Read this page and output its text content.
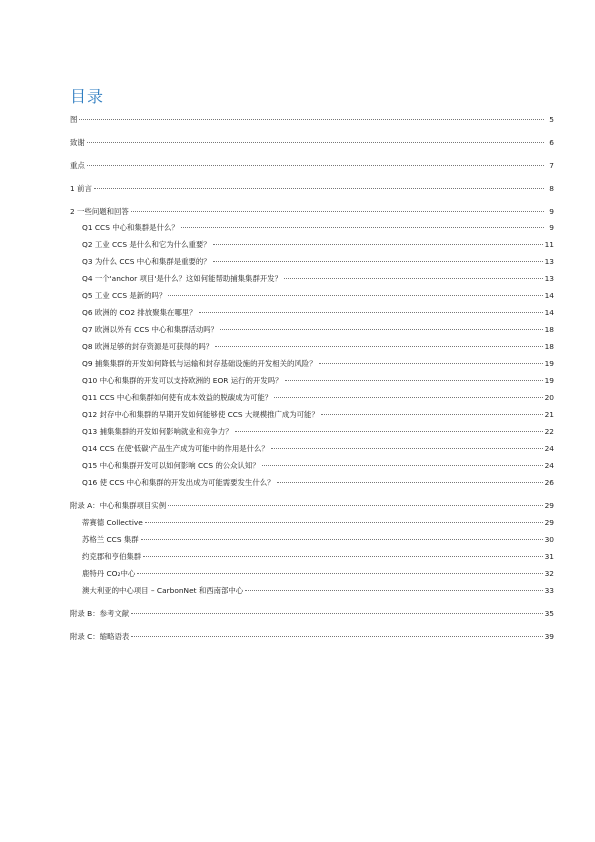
目录
图	5
致谢	6
重点	7
1 前言	8
2 一些问题和回答	9
Q1 CCS 中心和集群是什么？	9
Q2 工业 CCS 是什么和它为什么重要？	11
Q3 为什么 CCS 中心和集群是重要的？	13
Q4 一个'anchor 项目'是什么？这如何能帮助捕集集群开发？	13
Q5 工业 CCS 是新的吗？	14
Q6 欧洲的 CO2 排放聚集在哪里？	14
Q7 欧洲以外有 CCS 中心和集群活动吗？	18
Q8 欧洲足够的封存资源是可获得的吗？	18
Q9 捕集集群的开发如何降低与运输和封存基础设施的开发相关的风险？	19
Q10 中心和集群的开发可以支持欧洲的 EOR 运行的开发吗？	19
Q11 CCS 中心和集群如何使有成本效益的脱碳成为可能？	20
Q12 封存中心和集群的早期开发如何能够使 CCS 大规模推广成为可能？	21
Q13 捕集集群的开发如何影响就业和竞争力？	22
Q14 CCS 在使'低碳'产品生产成为可能中的作用是什么？	24
Q15 中心和集群开发可以如何影响 CCS 的公众认知？	24
Q16 使 CCS 中心和集群的开发出成为可能需要发生什么？	26
附录 A：中心和集群项目实例	29
蒂赛德 Collective	29
苏格兰 CCS 集群	30
约克郡和亨伯集群	31
鹿特丹 CO₂中心	32
澳大利亚的中心项目 – CarbonNet 和西南部中心	33
附录 B：参考文献	35
附录 C：缩略语表	39
